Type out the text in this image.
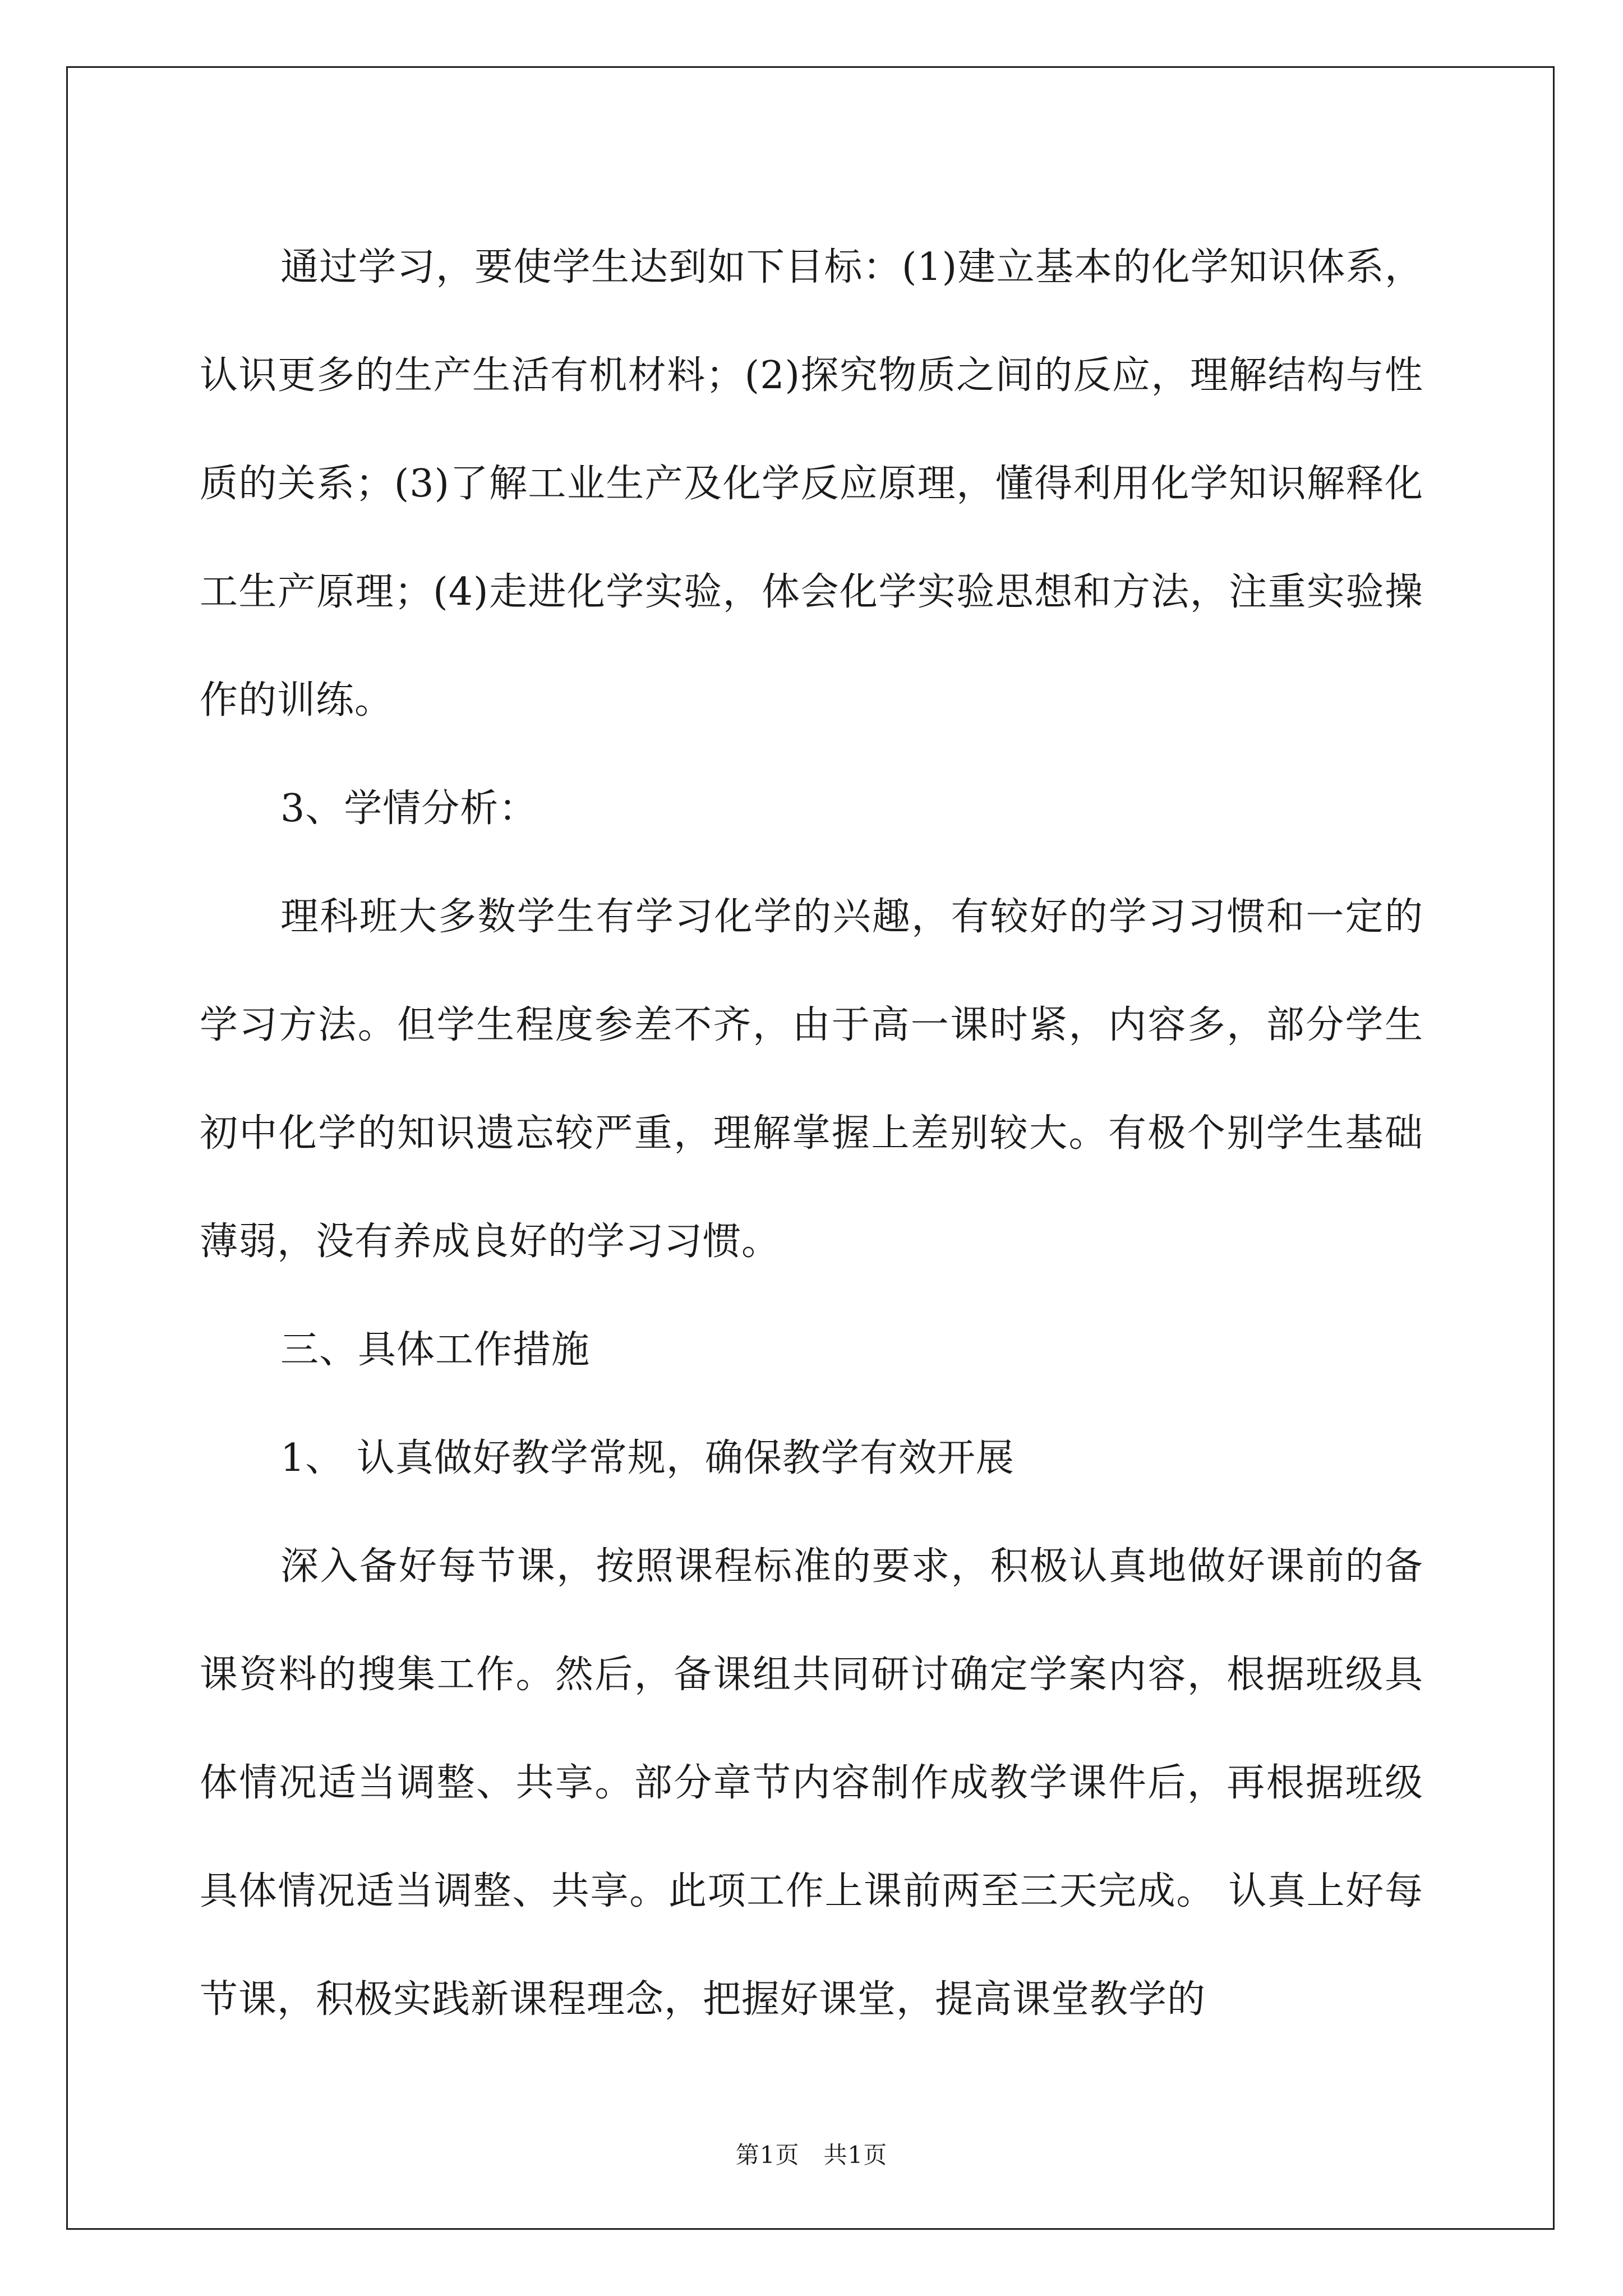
通过学习，要使学生达到如下目标：(1)建立基本的化学知识体系，认识更多的生产生活有机材料；(2)探究物质之间的反应，理解结构与性质的关系；(3)了解工业生产及化学反应原理，懂得利用化学知识解释化工生产原理；(4)走进化学实验，体会化学实验思想和方法，注重实验操作的训练。

3、学情分析：

理科班大多数学生有学习化学的兴趣，有较好的学习习惯和一定的学习方法。但学生程度参差不齐，由于高一课时紧，内容多，部分学生初中化学的知识遗忘较严重，理解掌握上差别较大。有极个别学生基础薄弱，没有养成良好的学习习惯。

三、具体工作措施

1、 认真做好教学常规，确保教学有效开展

深入备好每节课，按照课程标准的要求，积极认真地做好课前的备课资料的搜集工作。然后，备课组共同研讨确定学案内容，根据班级具体情况适当调整、共享。部分章节内容制作成教学课件后，再根据班级具体情况适当调整、共享。此项工作上课前两至三天完成。 认真上好每节课，积极实践新课程理念，把握好课堂，提高课堂教学的

第1页　共1页
